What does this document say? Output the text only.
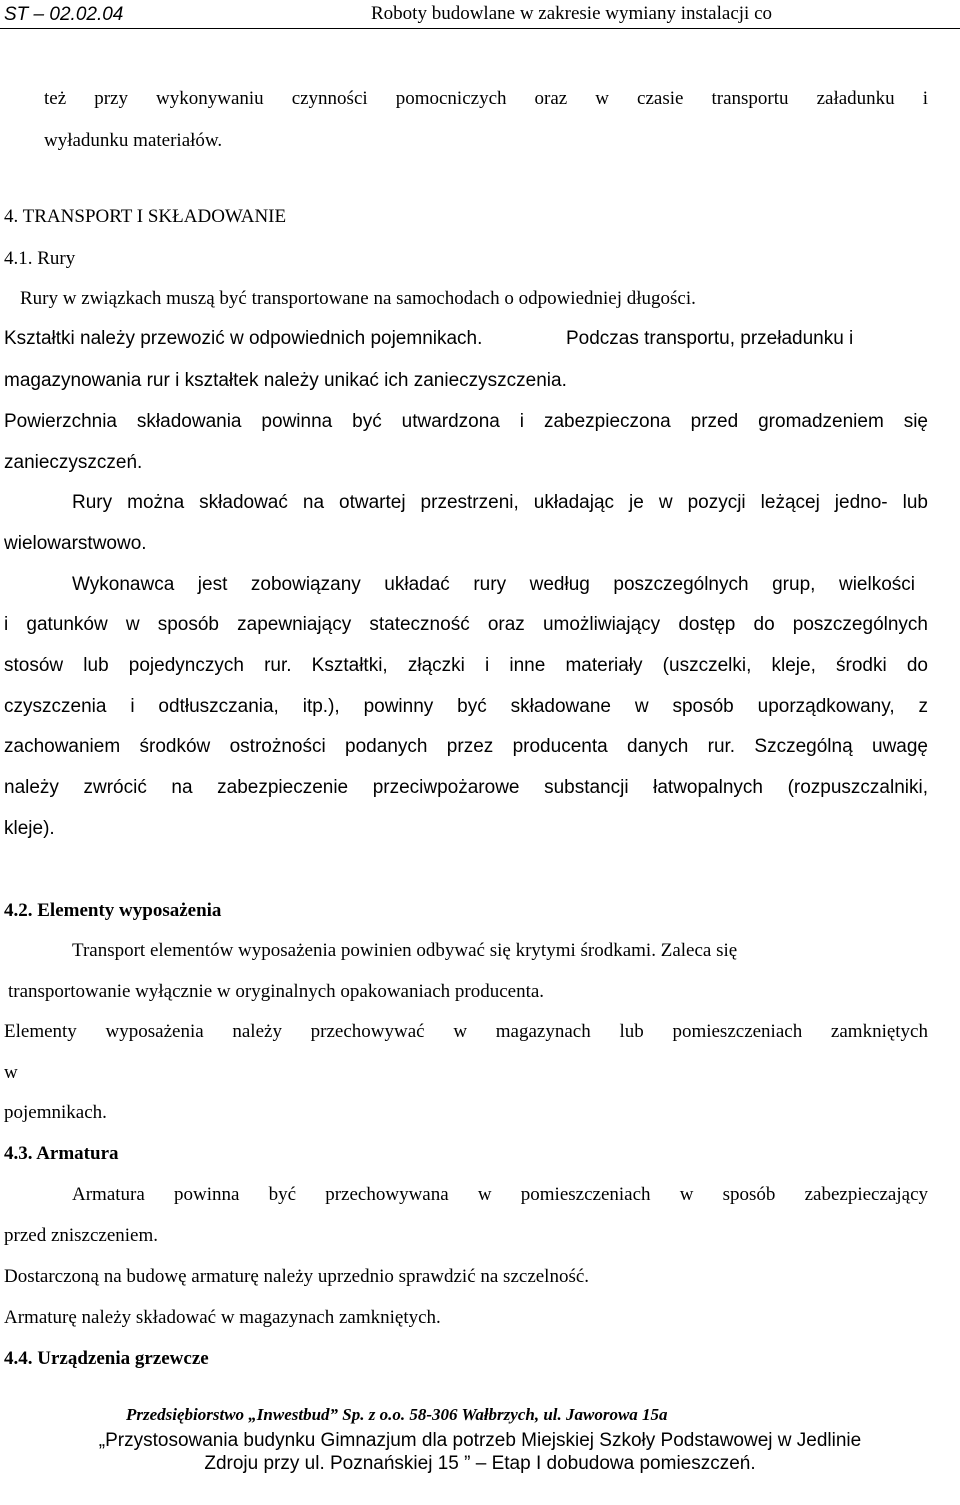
ST – 02.02.04	Roboty budowlane w zakresie wymiany instalacji co
też przy wykonywaniu czynności pomocniczych oraz w czasie transportu załadunku i
wyładunku materiałów.
4. TRANSPORT I SKŁADOWANIE
4.1. Rury
Rury w związkach muszą być transportowane na samochodach o odpowiedniej długości.
Kształtki należy przewozić w odpowiednich pojemnikach.	Podczas transportu, przeładunku i
magazynowania rur i kształtek należy unikać ich zanieczyszczenia.
Powierzchnia składowania powinna być utwardzona i zabezpieczona przed gromadzeniem się
zanieczyszczeń.
Rury można składować na otwartej przestrzeni, układając je w pozycji leżącej jedno- lub
wielowarstwowo.
Wykonawca jest zobowiązany układać rury według poszczególnych grup, wielkości
i gatunków w sposób zapewniający stateczność oraz umożliwiający dostęp do poszczególnych
stosów lub pojedynczych rur. Kształtki, złączki i inne materiały (uszczelki, kleje, środki do
czyszczenia i odtłuszczania, itp.), powinny być składowane w sposób uporządkowany, z
zachowaniem środków ostrożności podanych przez producenta danych rur. Szczególną uwagę
należy zwrócić na zabezpieczenie przeciwpożarowe substancji łatwopalnych (rozpuszczalniki,
kleje).
4.2. Elementy wyposażenia
Transport elementów wyposażenia powinien odbywać się krytymi środkami. Zaleca się
transportowanie wyłącznie w oryginalnych opakowaniach producenta.
Elementy wyposażenia należy przechowywać w magazynach lub pomieszczeniach zamkniętych
w
pojemnikach.
4.3. Armatura
Armatura powinna być przechowywana w pomieszczeniach w sposób zabezpieczający
przed zniszczeniem.
Dostarczoną na budowę armaturę należy uprzednio sprawdzić na szczelność.
Armaturę należy składować w magazynach zamkniętych.
4.4. Urządzenia grzewcze
Przedsiębiorstwo „Inwestbud” Sp. z o.o. 58-306 Wałbrzych, ul. Jaworowa 15a
„Przystosowania budynku Gimnazjum dla potrzeb Miejskiej Szkoły Podstawowej w Jedlinie
Zdroju przy ul. Poznańskiej 15 ” – Etap I dobudowa pomieszczeń.
